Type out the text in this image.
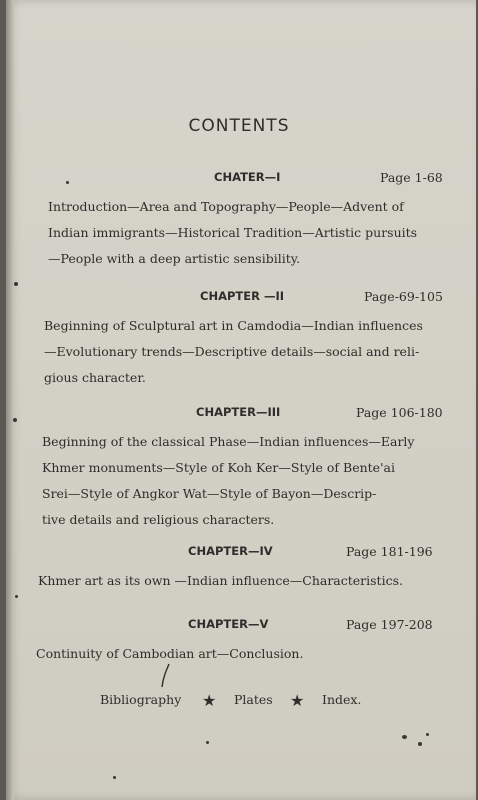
CONTENTS
CHATER—I	Page 1-68
Introduction—Area and Topography—People—Advent of
Indian immigrants—Historical Tradition—Artistic pursuits
—People with a deep artistic sensibility.
CHAPTER —II	Page-69-105
Beginning of Sculptural art in Camdodia—Indian influences
—Evolutionary trends—Descriptive details—social and reli-
gious character.
CHAPTER—III	Page 106-180
Beginning of the classical Phase—Indian influences—Early
Khmer monuments—Style of Koh Ker—Style of Bente'ai
Srei—Style of Angkor Wat—Style of Bayon—Descrip-
tive details and religious characters.
CHAPTER—IV	Page 181-196
Khmer art as its own —Indian influence—Characteristics.
CHAPTER—V	Page 197-208
Continuity of Cambodian art—Conclusion.
Bibliography ★ Plates ★ Index.
